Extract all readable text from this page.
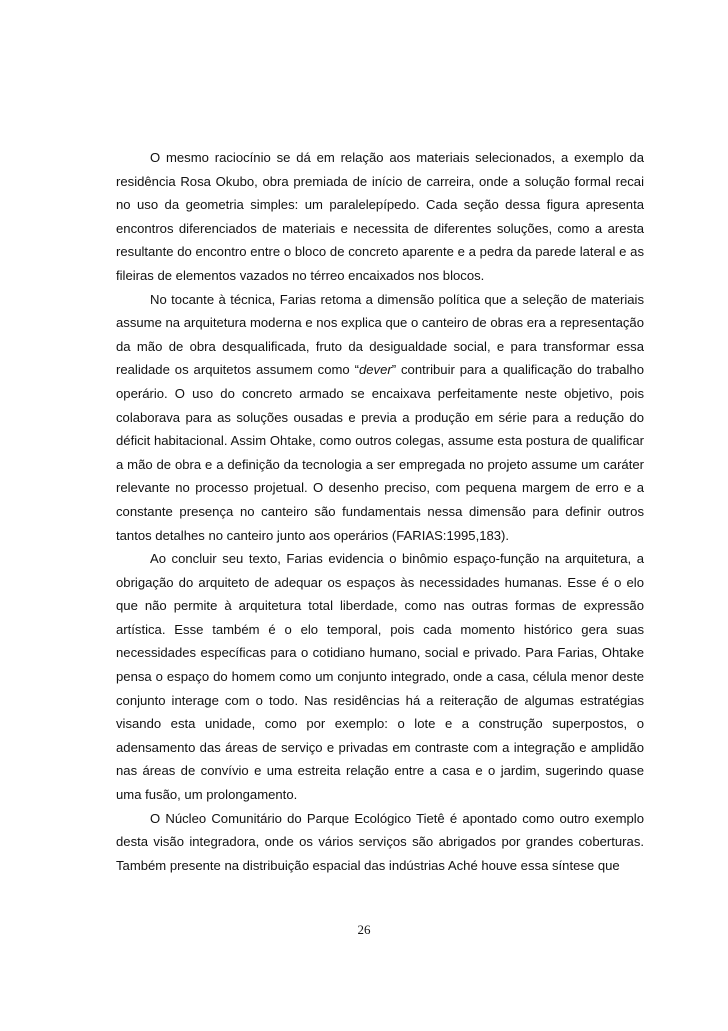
O mesmo raciocínio se dá em relação aos materiais selecionados, a exemplo da residência Rosa Okubo, obra premiada de início de carreira, onde a solução formal recai no uso da geometria simples: um paralelepípedo. Cada seção dessa figura apresenta encontros diferenciados de materiais e necessita de diferentes soluções, como a aresta resultante do encontro entre o bloco de concreto aparente e a pedra da parede lateral e as fileiras de elementos vazados no térreo encaixados nos blocos.

No tocante à técnica, Farias retoma a dimensão política que a seleção de materiais assume na arquitetura moderna e nos explica que o canteiro de obras era a representação da mão de obra desqualificada, fruto da desigualdade social, e para transformar essa realidade os arquitetos assumem como “dever” contribuir para a qualificação do trabalho operário. O uso do concreto armado se encaixava perfeitamente neste objetivo, pois colaborava para as soluções ousadas e previa a produção em série para a redução do déficit habitacional. Assim Ohtake, como outros colegas, assume esta postura de qualificar a mão de obra e a definição da tecnologia a ser empregada no projeto assume um caráter relevante no processo projetual. O desenho preciso, com pequena margem de erro e a constante presença no canteiro são fundamentais nessa dimensão para definir outros tantos detalhes no canteiro junto aos operários (FARIAS:1995,183).

Ao concluir seu texto, Farias evidencia o binômio espaço-função na arquitetura, a obrigação do arquiteto de adequar os espaços às necessidades humanas. Esse é o elo que não permite à arquitetura total liberdade, como nas outras formas de expressão artística. Esse também é o elo temporal, pois cada momento histórico gera suas necessidades específicas para o cotidiano humano, social e privado. Para Farias, Ohtake pensa o espaço do homem como um conjunto integrado, onde a casa, célula menor deste conjunto interage com o todo. Nas residências há a reiteração de algumas estratégias visando esta unidade, como por exemplo: o lote e a construção superpostos, o adensamento das áreas de serviço e privadas em contraste com a integração e amplidão nas áreas de convívio e uma estreita relação entre a casa e o jardim, sugerindo quase uma fusão, um prolongamento.

O Núcleo Comunitário do Parque Ecológico Tietê é apontado como outro exemplo desta visão integradora, onde os vários serviços são abrigados por grandes coberturas. Também presente na distribuição espacial das indústrias Aché houve essa síntese que

26
